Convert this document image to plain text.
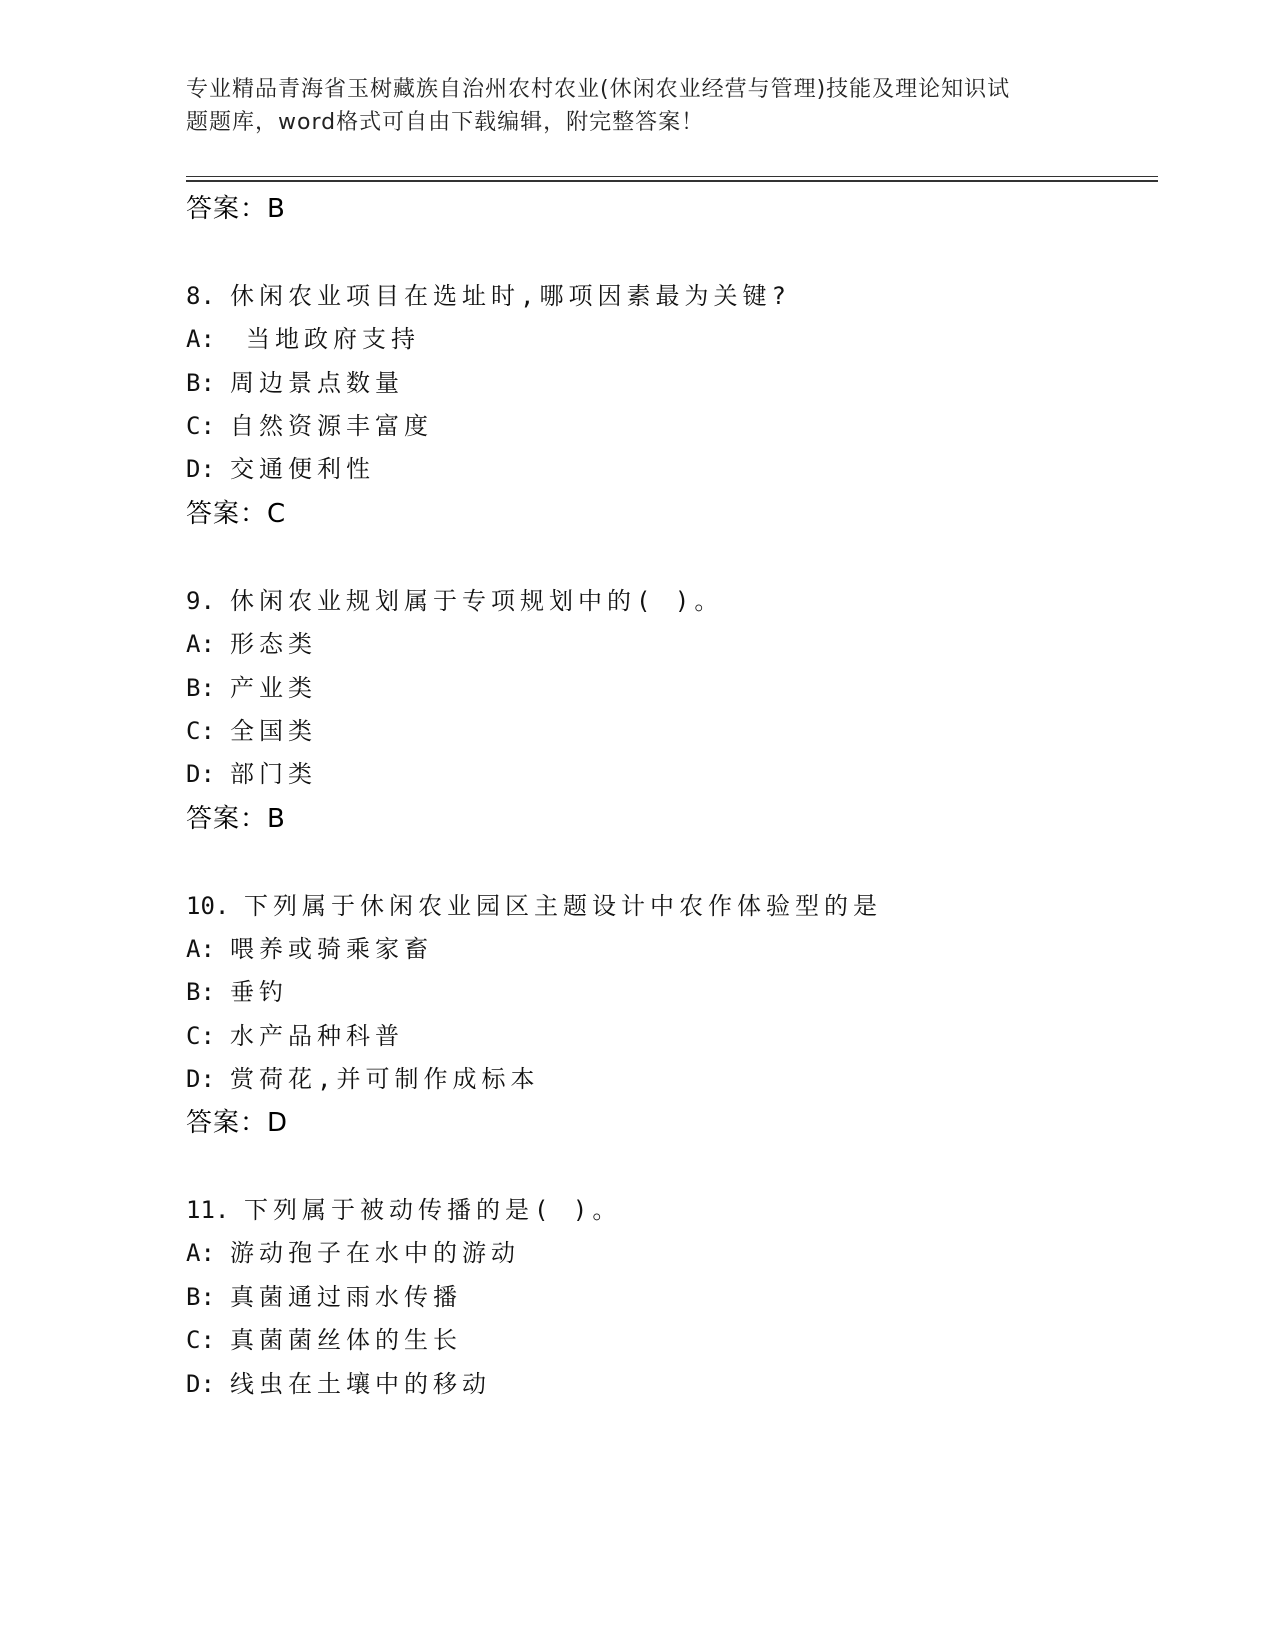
专业精品青海省玉树藏族自治州农村农业(休闲农业经营与管理)技能及理论知识试
题题库，word格式可自由下载编辑，附完整答案！
答案：B
8. 休闲农业项目在选址时,哪项因素最为关键?
A: 当地政府支持
B: 周边景点数量
C: 自然资源丰富度
D: 交通便利性
答案：C
9. 休闲农业规划属于专项规划中的( )。
A: 形态类
B: 产业类
C: 全国类
D: 部门类
答案：B
10. 下列属于休闲农业园区主题设计中农作体验型的是
A: 喂养或骑乘家畜
B: 垂钓
C: 水产品种科普
D: 赏荷花,并可制作成标本
答案：D
11. 下列属于被动传播的是( )。
A: 游动孢子在水中的游动
B: 真菌通过雨水传播
C: 真菌菌丝体的生长
D: 线虫在土壤中的移动
